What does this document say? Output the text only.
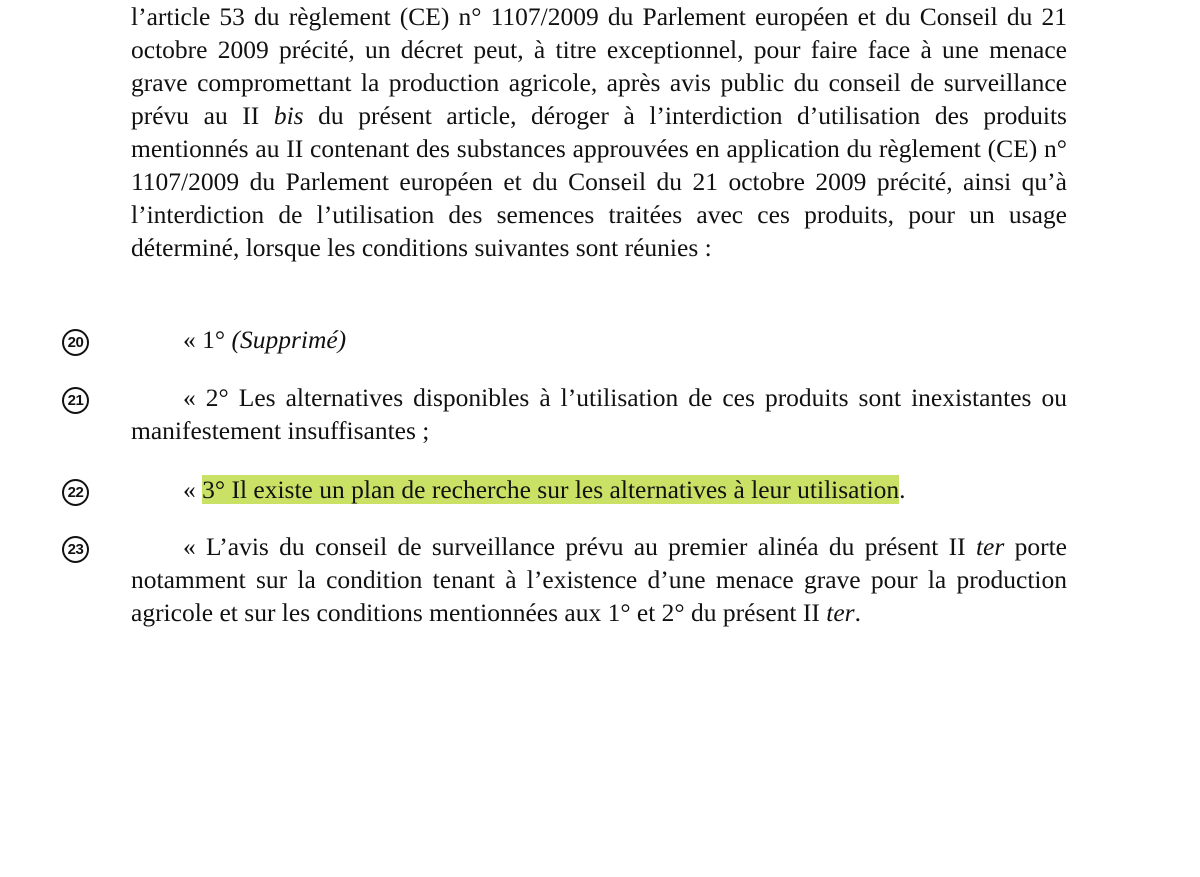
l’article 53 du règlement (CE) n° 1107/2009 du Parlement européen et du Conseil du 21 octobre 2009 précité, un décret peut, à titre exceptionnel, pour faire face à une menace grave compromettant la production agricole, après avis public du conseil de surveillance prévu au II bis du présent article, déroger à l’interdiction d’utilisation des produits mentionnés au II contenant des substances approuvées en application du règlement (CE) n° 1107/2009 du Parlement européen et du Conseil du 21 octobre 2009 précité, ainsi qu’à l’interdiction de l’utilisation des semences traitées avec ces produits, pour un usage déterminé, lorsque les conditions suivantes sont réunies :

20	« 1° (Supprimé)

21	« 2° Les alternatives disponibles à l’utilisation de ces produits sont inexistantes ou manifestement insuffisantes ;

22	« 3° Il existe un plan de recherche sur les alternatives à leur utilisation.

23	« L’avis du conseil de surveillance prévu au premier alinéa du présent II ter porte notamment sur la condition tenant à l’existence d’une menace grave pour la production agricole et sur les conditions mentionnées aux 1° et 2° du présent II ter.
